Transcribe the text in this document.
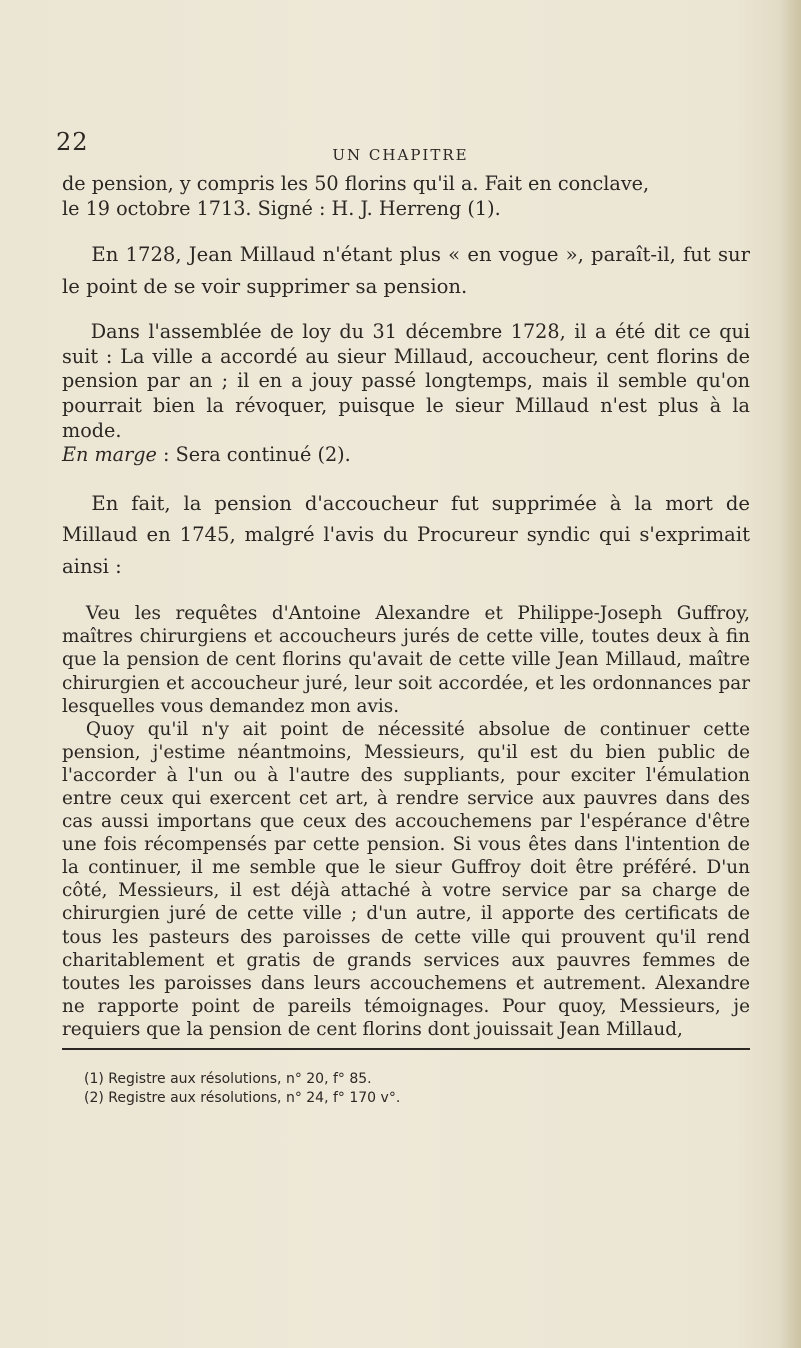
22	UN CHAPITRE

de pension, y compris les 50 florins qu'il a. Fait en conclave,
le 19 octobre 1713. Signé : H. J. Herreng (1).

En 1728, Jean Millaud n'étant plus « en vogue », paraît-il, fut sur le point de se voir supprimer sa pension.

Dans l'assemblée de loy du 31 décembre 1728, il a été dit ce qui suit : La ville a accordé au sieur Millaud, accoucheur, cent florins de pension par an ; il en a jouy passé longtemps, mais il semble qu'on pourrait bien la révoquer, puisque le sieur Millaud n'est plus à la mode.
En marge : Sera continué (2).

En fait, la pension d'accoucheur fut supprimée à la mort de Millaud en 1745, malgré l'avis du Procureur syndic qui s'exprimait ainsi :

Veu les requêtes d'Antoine Alexandre et Philippe-Joseph Guffroy, maîtres chirurgiens et accoucheurs jurés de cette ville, toutes deux à fin que la pension de cent florins qu'avait de cette ville Jean Millaud, maître chirurgien et accoucheur juré, leur soit accordée, et les ordonnances par lesquelles vous demandez mon avis.

Quoy qu'il n'y ait point de nécessité absolue de continuer cette pension, j'estime néantmoins, Messieurs, qu'il est du bien public de l'accorder à l'un ou à l'autre des suppliants, pour exciter l'émulation entre ceux qui exercent cet art, à rendre service aux pauvres dans des cas aussi importans que ceux des accouchemens par l'espérance d'être une fois récompensés par cette pension. Si vous êtes dans l'intention de la continuer, il me semble que le sieur Guffroy doit être préféré. D'un côté, Messieurs, il est déjà attaché à votre service par sa charge de chirurgien juré de cette ville ; d'un autre, il apporte des certificats de tous les pasteurs des paroisses de cette ville qui prouvent qu'il rend charitablement et gratis de grands services aux pauvres femmes de toutes les paroisses dans leurs accouchemens et autrement. Alexandre ne rapporte point de pareils témoignages. Pour quoy, Messieurs, je requiers que la pension de cent florins dont jouissait Jean Millaud,

(1) Registre aux résolutions, n° 20, f° 85.
(2) Registre aux résolutions, n° 24, f° 170 v°.
